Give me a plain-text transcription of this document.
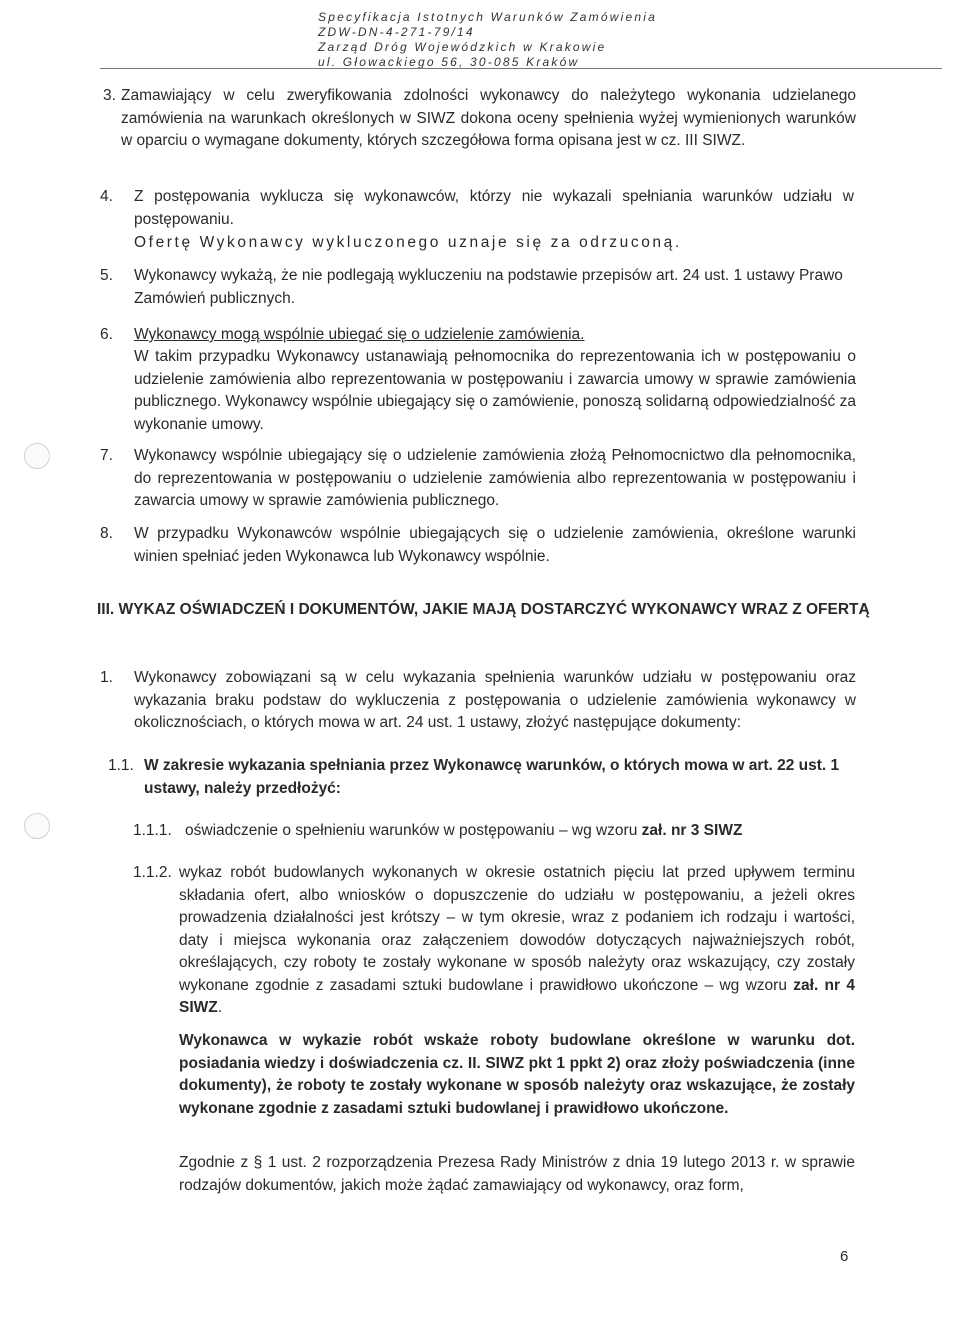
Specyfikacja Istotnych Warunków Zamówienia
ZDW-DN-4-271-79/14
Zarząd Dróg Wojewódzkich w Krakowie
ul. Głowackiego 56, 30-085 Kraków
3. Zamawiający w celu zweryfikowania zdolności wykonawcy do należytego wykonania udzielanego zamówienia na warunkach określonych w SIWZ dokona oceny spełnienia wyżej wymienionych warunków w oparciu o wymagane dokumenty, których szczegółowa forma opisana jest w cz. III SIWZ.
4. Z postępowania wyklucza się wykonawców, którzy nie wykazali spełniania warunków udziału w postępowaniu.
Ofertę Wykonawcy wykluczonego uznaje się za odrzuconą.
5. Wykonawcy wykażą, że nie podlegają wykluczeniu na podstawie przepisów art. 24 ust. 1 ustawy Prawo Zamówień publicznych.
6. Wykonawcy mogą wspólnie ubiegać się o udzielenie zamówienia.
W takim przypadku Wykonawcy ustanawiają pełnomocnika do reprezentowania ich w postępowaniu o udzielenie zamówienia albo reprezentowania w postępowaniu i zawarcia umowy w sprawie zamówienia publicznego. Wykonawcy wspólnie ubiegający się o zamówienie, ponoszą solidarną odpowiedzialność za wykonanie umowy.
7. Wykonawcy wspólnie ubiegający się o udzielenie zamówienia złożą Pełnomocnictwo dla pełnomocnika, do reprezentowania w postępowaniu o udzielenie zamówienia albo reprezentowania w postępowaniu i zawarcia umowy w sprawie zamówienia publicznego.
8. W przypadku Wykonawców wspólnie ubiegających się o udzielenie zamówienia, określone warunki winien spełniać jeden Wykonawca lub Wykonawcy wspólnie.
III. WYKAZ OŚWIADCZEŃ I DOKUMENTÓW, JAKIE MAJĄ DOSTARCZYĆ WYKONAWCY WRAZ Z OFERTĄ
1. Wykonawcy zobowiązani są w celu wykazania spełnienia warunków udziału w postępowaniu oraz wykazania braku podstaw do wykluczenia z postępowania o udzielenie zamówienia wykonawcy w okolicznościach, o których mowa w art. 24 ust. 1 ustawy, złożyć następujące dokumenty:
1.1. W zakresie wykazania spełniania przez Wykonawcę warunków, o których mowa w art. 22 ust. 1 ustawy, należy przedłożyć:
1.1.1. oświadczenie o spełnieniu warunków w postępowaniu – wg wzoru zał. nr 3 SIWZ
1.1.2. wykaz robót budowlanych wykonanych w okresie ostatnich pięciu lat przed upływem terminu składania ofert, albo wniosków o dopuszczenie do udziału w postępowaniu, a jeżeli okres prowadzenia działalności jest krótszy – w tym okresie, wraz z podaniem ich rodzaju i wartości, daty i miejsca wykonania oraz załączeniem dowodów dotyczących najważniejszych robót, określających, czy roboty te zostały wykonane w sposób należyty oraz wskazujący, czy zostały wykonane zgodnie z zasadami sztuki budowlane i prawidłowo ukończone – wg wzoru zał. nr 4 SIWZ.
Wykonawca w wykazie robót wskaże roboty budowlane określone w warunku dot. posiadania wiedzy i doświadczenia cz. II. SIWZ pkt 1 ppkt 2) oraz złoży poświadczenia (inne dokumenty), że roboty te zostały wykonane w sposób należyty oraz wskazujące, że zostały wykonane zgodnie z zasadami sztuki budowlanej i prawidłowo ukończone.
Zgodnie z § 1 ust. 2 rozporządzenia Prezesa Rady Ministrów z dnia 19 lutego 2013 r. w sprawie rodzajów dokumentów, jakich może żądać zamawiający od wykonawcy, oraz form,
6
